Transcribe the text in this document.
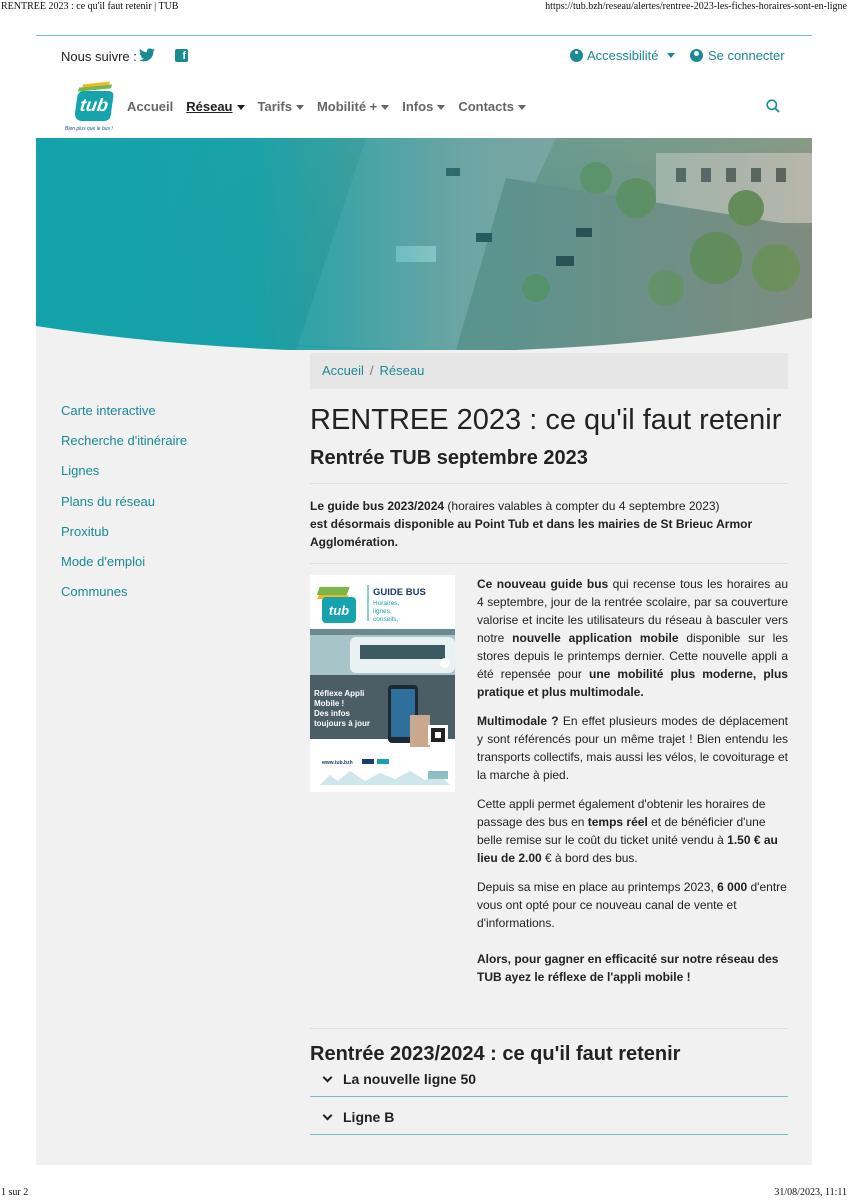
RENTREE 2023 : ce qu'il faut retenir | TUB	https://tub.bzh/reseau/alertes/rentree-2023-les-fiches-horaires-sont-en-ligne
Nous suivre :	f	Accessibilité	Se connecter
tub
Bien plus que le bus !
Accueil Réseau	Tarifs	Mobilité +	Infos	Contacts
Accueil / Réseau
Carte interactive
Recherche d'itinéraire
Lignes
Plans du réseau
Proxitub
Mode d'emploi
Communes
RENTREE 2023 : ce qu'il faut retenir
Rentrée TUB septembre 2023

Le guide bus 2023/2024 (horaires valables à compter du 4 septembre 2023)
est désormais disponible au Point Tub et dans les mairies de St Brieuc Armor Agglomération.

tub
GUIDE BUS
Horaires,
lignes,
conseils,
Réflexe Appli
Mobile !
Des infos
toujours à jour
www.tub.bzh

Ce nouveau guide bus qui recense tous les horaires au 4 septembre, jour de la rentrée scolaire, par sa couverture valorise et incite les utilisateurs du réseau à basculer vers notre nouvelle application mobile disponible sur les stores depuis le printemps dernier. Cette nouvelle appli a été repensée pour une mobilité plus moderne, plus pratique et plus multimodale.

Multimodale ? En effet plusieurs modes de déplacement y sont référencés pour un même trajet ! Bien entendu les transports collectifs, mais aussi les vélos, le covoiturage et la marche à pied.

Cette appli permet également d'obtenir les horaires de passage des bus en temps réel et de bénéficier d'une belle remise sur le coût du ticket unité vendu à 1.50 € au lieu de 2.00 € à bord des bus.

Depuis sa mise en place au printemps 2023, 6 000 d'entre vous ont opté pour ce nouveau canal de vente et d'informations.

Alors, pour gagner en efficacité sur notre réseau des TUB ayez le réflexe de l'appli mobile !

Rentrée 2023/2024 : ce qu'il faut retenir
La nouvelle ligne 50
Ligne B
1 sur 2	31/08/2023, 11:11
